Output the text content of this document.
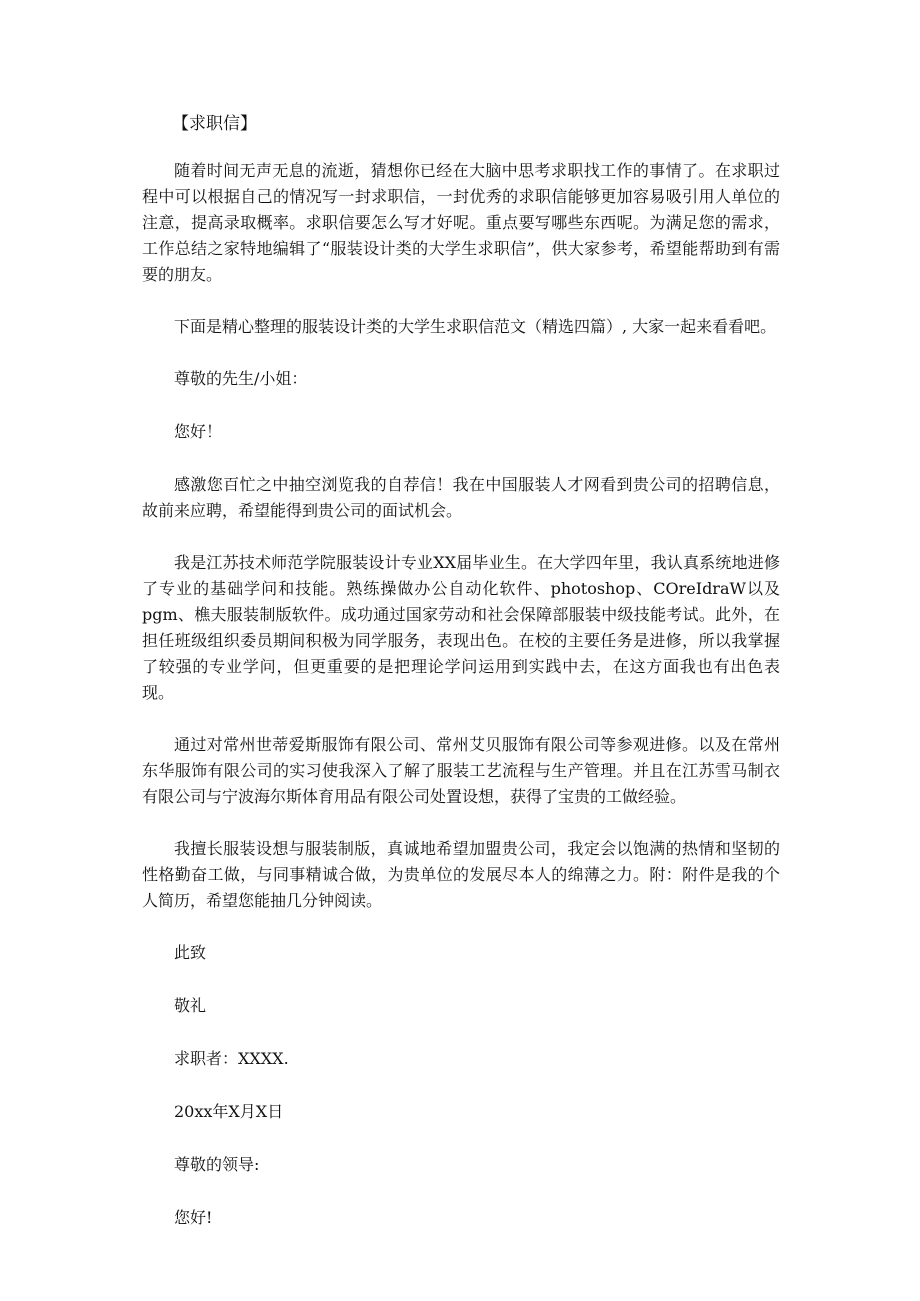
【求职信】

随着时间无声无息的流逝，猜想你已经在大脑中思考求职找工作的事情了。在求职过程中可以根据自己的情况写一封求职信，一封优秀的求职信能够更加容易吸引用人单位的注意，提高录取概率。求职信要怎么写才好呢。重点要写哪些东西呢。为满足您的需求，工作总结之家特地编辑了“服装设计类的大学生求职信”，供大家参考，希望能帮助到有需要的朋友。

下面是精心整理的服装设计类的大学生求职信范文（精选四篇）, 大家一起来看看吧。

尊敬的先生/小姐：
您好！

感激您百忙之中抽空浏览我的自荐信！我在中国服装人才网看到贵公司的招聘信息，故前来应聘，希望能得到贵公司的面试机会。

我是江苏技术师范学院服装设计专业XX届毕业生。在大学四年里，我认真系统地进修了专业的基础学问和技能。熟练操做办公自动化软件、photoshop、COreIdraW以及pgm、樵夫服装制版软件。成功通过国家劳动和社会保障部服装中级技能考试。此外，在担任班级组织委员期间积极为同学服务，表现出色。在校的主要任务是进修，所以我掌握了较强的专业学问，但更重要的是把理论学问运用到实践中去，在这方面我也有出色表现。

通过对常州世蒂爱斯服饰有限公司、常州艾贝服饰有限公司等参观进修。以及在常州东华服饰有限公司的实习使我深入了解了服装工艺流程与生产管理。并且在江苏雪马制衣有限公司与宁波海尔斯体育用品有限公司处置设想，获得了宝贵的工做经验。

我擅长服装设想与服装制版，真诚地希望加盟贵公司，我定会以饱满的热情和坚韧的性格勤奋工做，与同事精诚合做，为贵单位的发展尽本人的绵薄之力。附：附件是我的个人简历，希望您能抽几分钟阅读。

此致
敬礼
求职者：XXXX.
20xx年X月X日
尊敬的领导:
您好!
